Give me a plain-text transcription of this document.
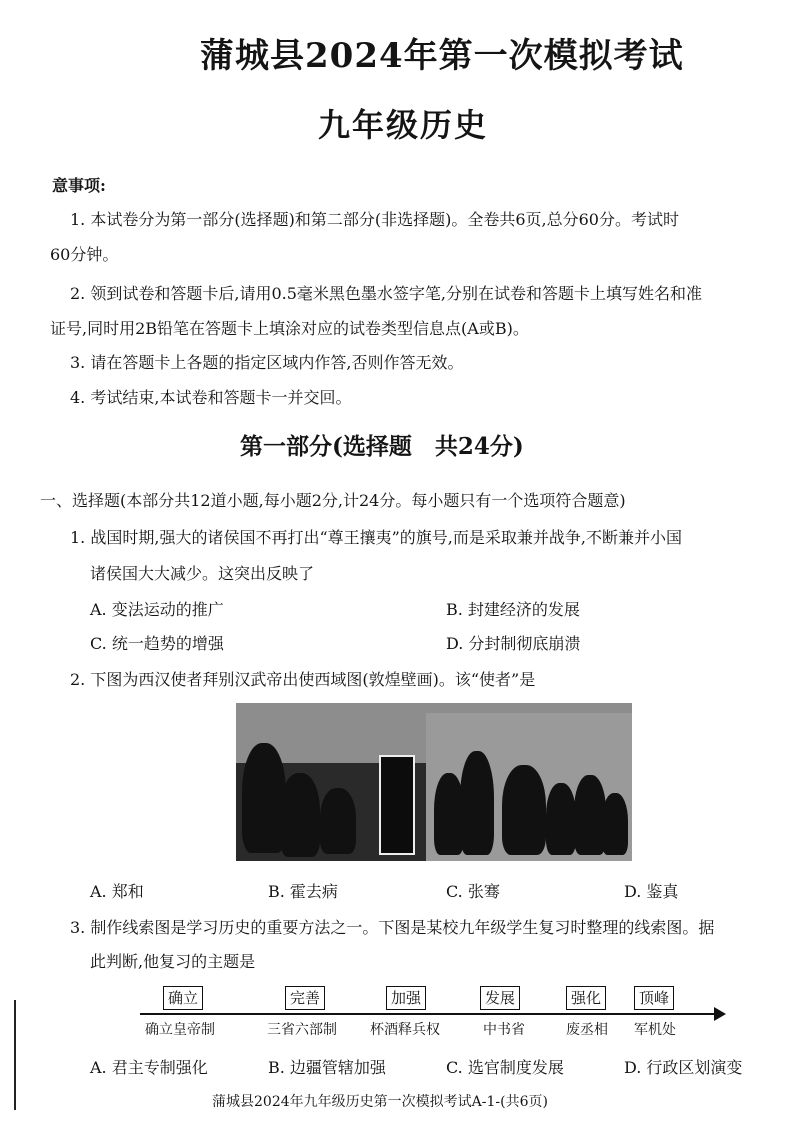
蒲城县2024年第一次模拟考试
九年级历史
意事项:
1. 本试卷分为第一部分(选择题)和第二部分(非选择题)。全卷共6页,总分60分。考试时
60分钟。
2. 领到试卷和答题卡后,请用0.5毫米黑色墨水签字笔,分别在试卷和答题卡上填写姓名和准
证号,同时用2B铅笔在答题卡上填涂对应的试卷类型信息点(A或B)。
3. 请在答题卡上各题的指定区域内作答,否则作答无效。
4. 考试结束,本试卷和答题卡一并交回。
第一部分(选择题　共24分)
一、选择题(本部分共12道小题,每小题2分,计24分。每小题只有一个选项符合题意)
1. 战国时期,强大的诸侯国不再打出“尊王攘夷”的旗号,而是采取兼并战争,不断兼并小国
诸侯国大大减少。这突出反映了
A. 变法运动的推广	B. 封建经济的发展
C. 统一趋势的增强	D. 分封制彻底崩溃
2. 下图为西汉使者拜别汉武帝出使西域图(敦煌壁画)。该“使者”是
A. 郑和	B. 霍去病	C. 张骞	D. 鉴真
3. 制作线索图是学习历史的重要方法之一。下图是某校九年级学生复习时整理的线索图。据
此判断,他复习的主题是
确立	完善	加强	发展	强化	顶峰
确立皇帝制	三省六部制 杯酒释兵权	中书省	废丞相 军机处
A. 君主专制强化	B. 边疆管辖加强	C. 选官制度发展	D. 行政区划演变
蒲城县2024年九年级历史第一次模拟考试A-1-(共6页)
